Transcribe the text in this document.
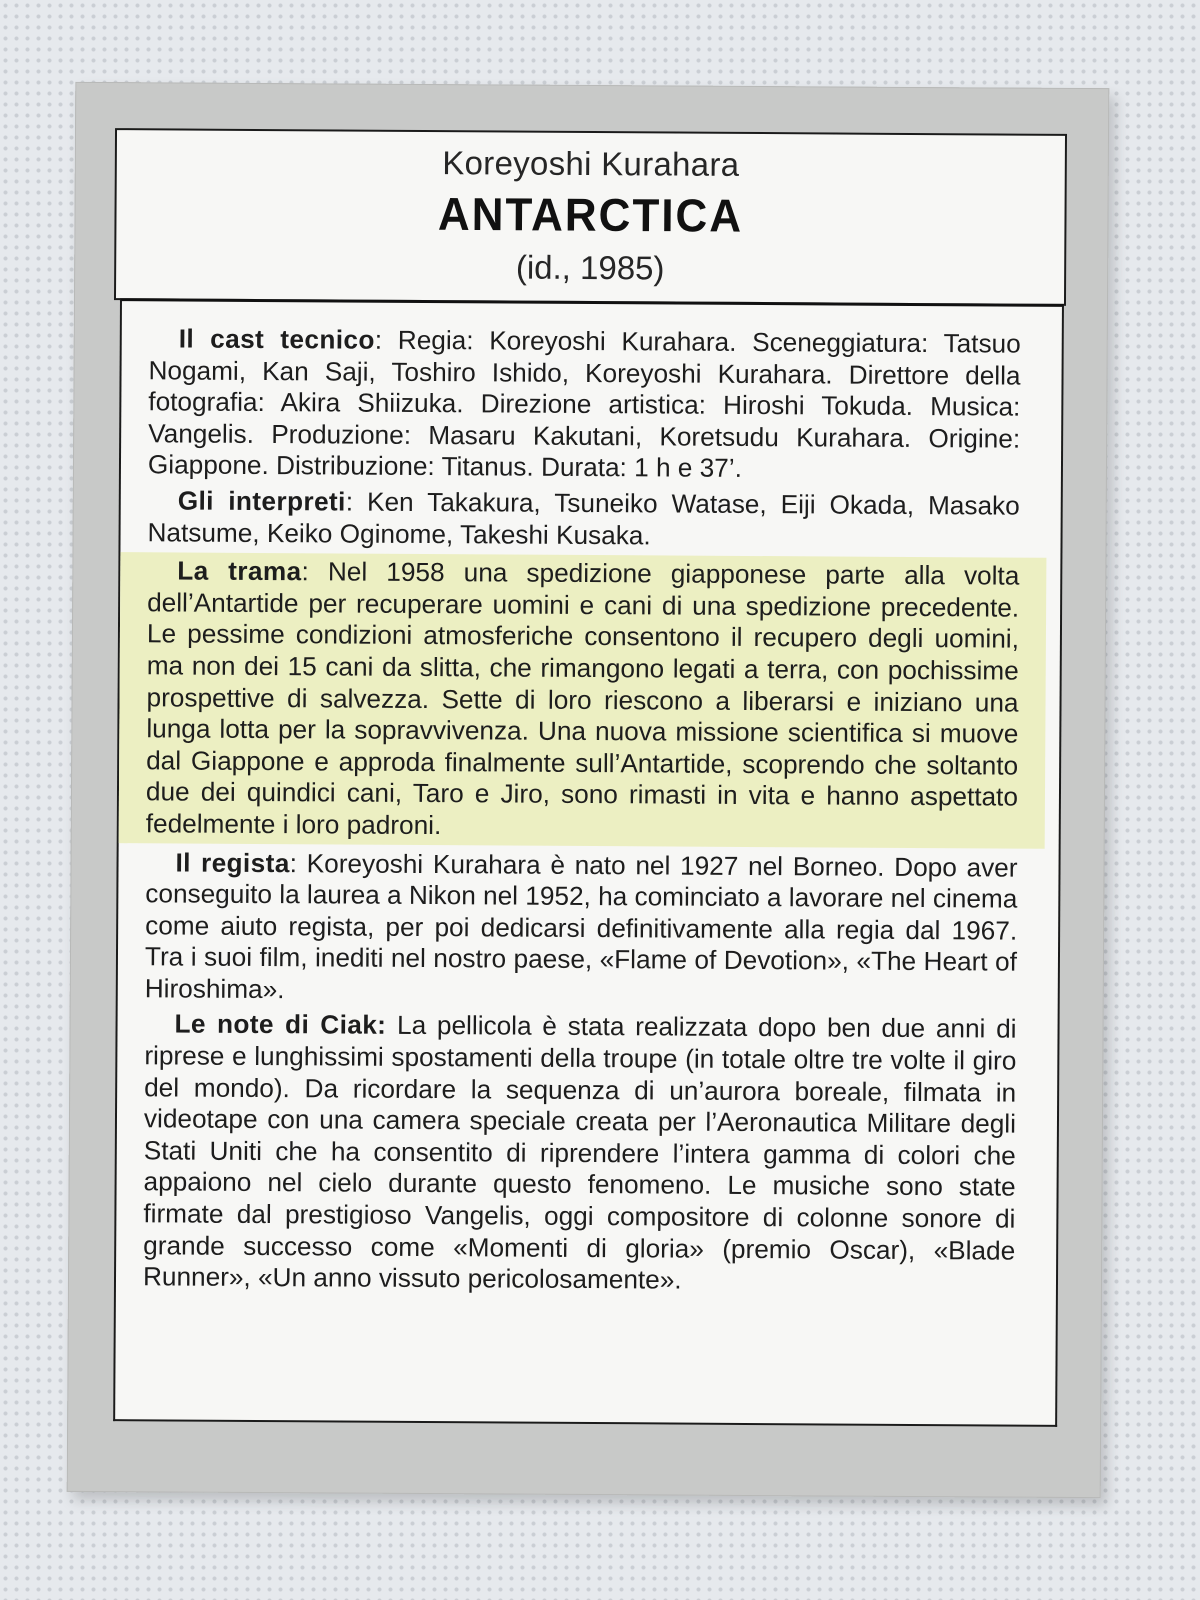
Koreyoshi Kurahara
ANTARCTICA
(id., 1985)

Il cast tecnico: Regia: Koreyoshi Kurahara. Sceneggiatura: Tatsuo Nogami, Kan Saji, Toshiro Ishido, Koreyoshi Kurahara. Direttore della fotografia: Akira Shiizuka. Direzione artistica: Hiroshi Tokuda. Musica: Vangelis. Produzione: Masaru Kakutani, Koretsudu Kurahara. Origine: Giappone. Distribuzione: Titanus. Durata: 1 h e 37’.

Gli interpreti: Ken Takakura, Tsuneiko Watase, Eiji Okada, Masako Natsume, Keiko Oginome, Takeshi Kusaka.

La trama: Nel 1958 una spedizione giapponese parte alla volta dell’Antartide per recuperare uomini e cani di una spedizione precedente. Le pessime condizioni atmosferiche consentono il recupero degli uomini, ma non dei 15 cani da slitta, che rimangono legati a terra, con pochissime prospettive di salvezza. Sette di loro riescono a liberarsi e iniziano una lunga lotta per la sopravvivenza. Una nuova missione scientifica si muove dal Giappone e approda finalmente sull’Antartide, scoprendo che soltanto due dei quindici cani, Taro e Jiro, sono rimasti in vita e hanno aspettato fedelmente i loro padroni.

Il regista: Koreyoshi Kurahara è nato nel 1927 nel Borneo. Dopo aver conseguito la laurea a Nikon nel 1952, ha cominciato a lavorare nel cinema come aiuto regista, per poi dedicarsi definitivamente alla regia dal 1967. Tra i suoi film, inediti nel nostro paese, «Flame of Devotion», «The Heart of Hiroshima».

Le note di Ciak: La pellicola è stata realizzata dopo ben due anni di riprese e lunghissimi spostamenti della troupe (in totale oltre tre volte il giro del mondo). Da ricordare la sequenza di un’aurora boreale, filmata in videotape con una camera speciale creata per l’Aeronautica Militare degli Stati Uniti che ha consentito di riprendere l’intera gamma di colori che appaiono nel cielo durante questo fenomeno. Le musiche sono state firmate dal prestigioso Vangelis, oggi compositore di colonne sonore di grande successo come «Momenti di gloria» (premio Oscar), «Blade Runner», «Un anno vissuto pericolosamente».
